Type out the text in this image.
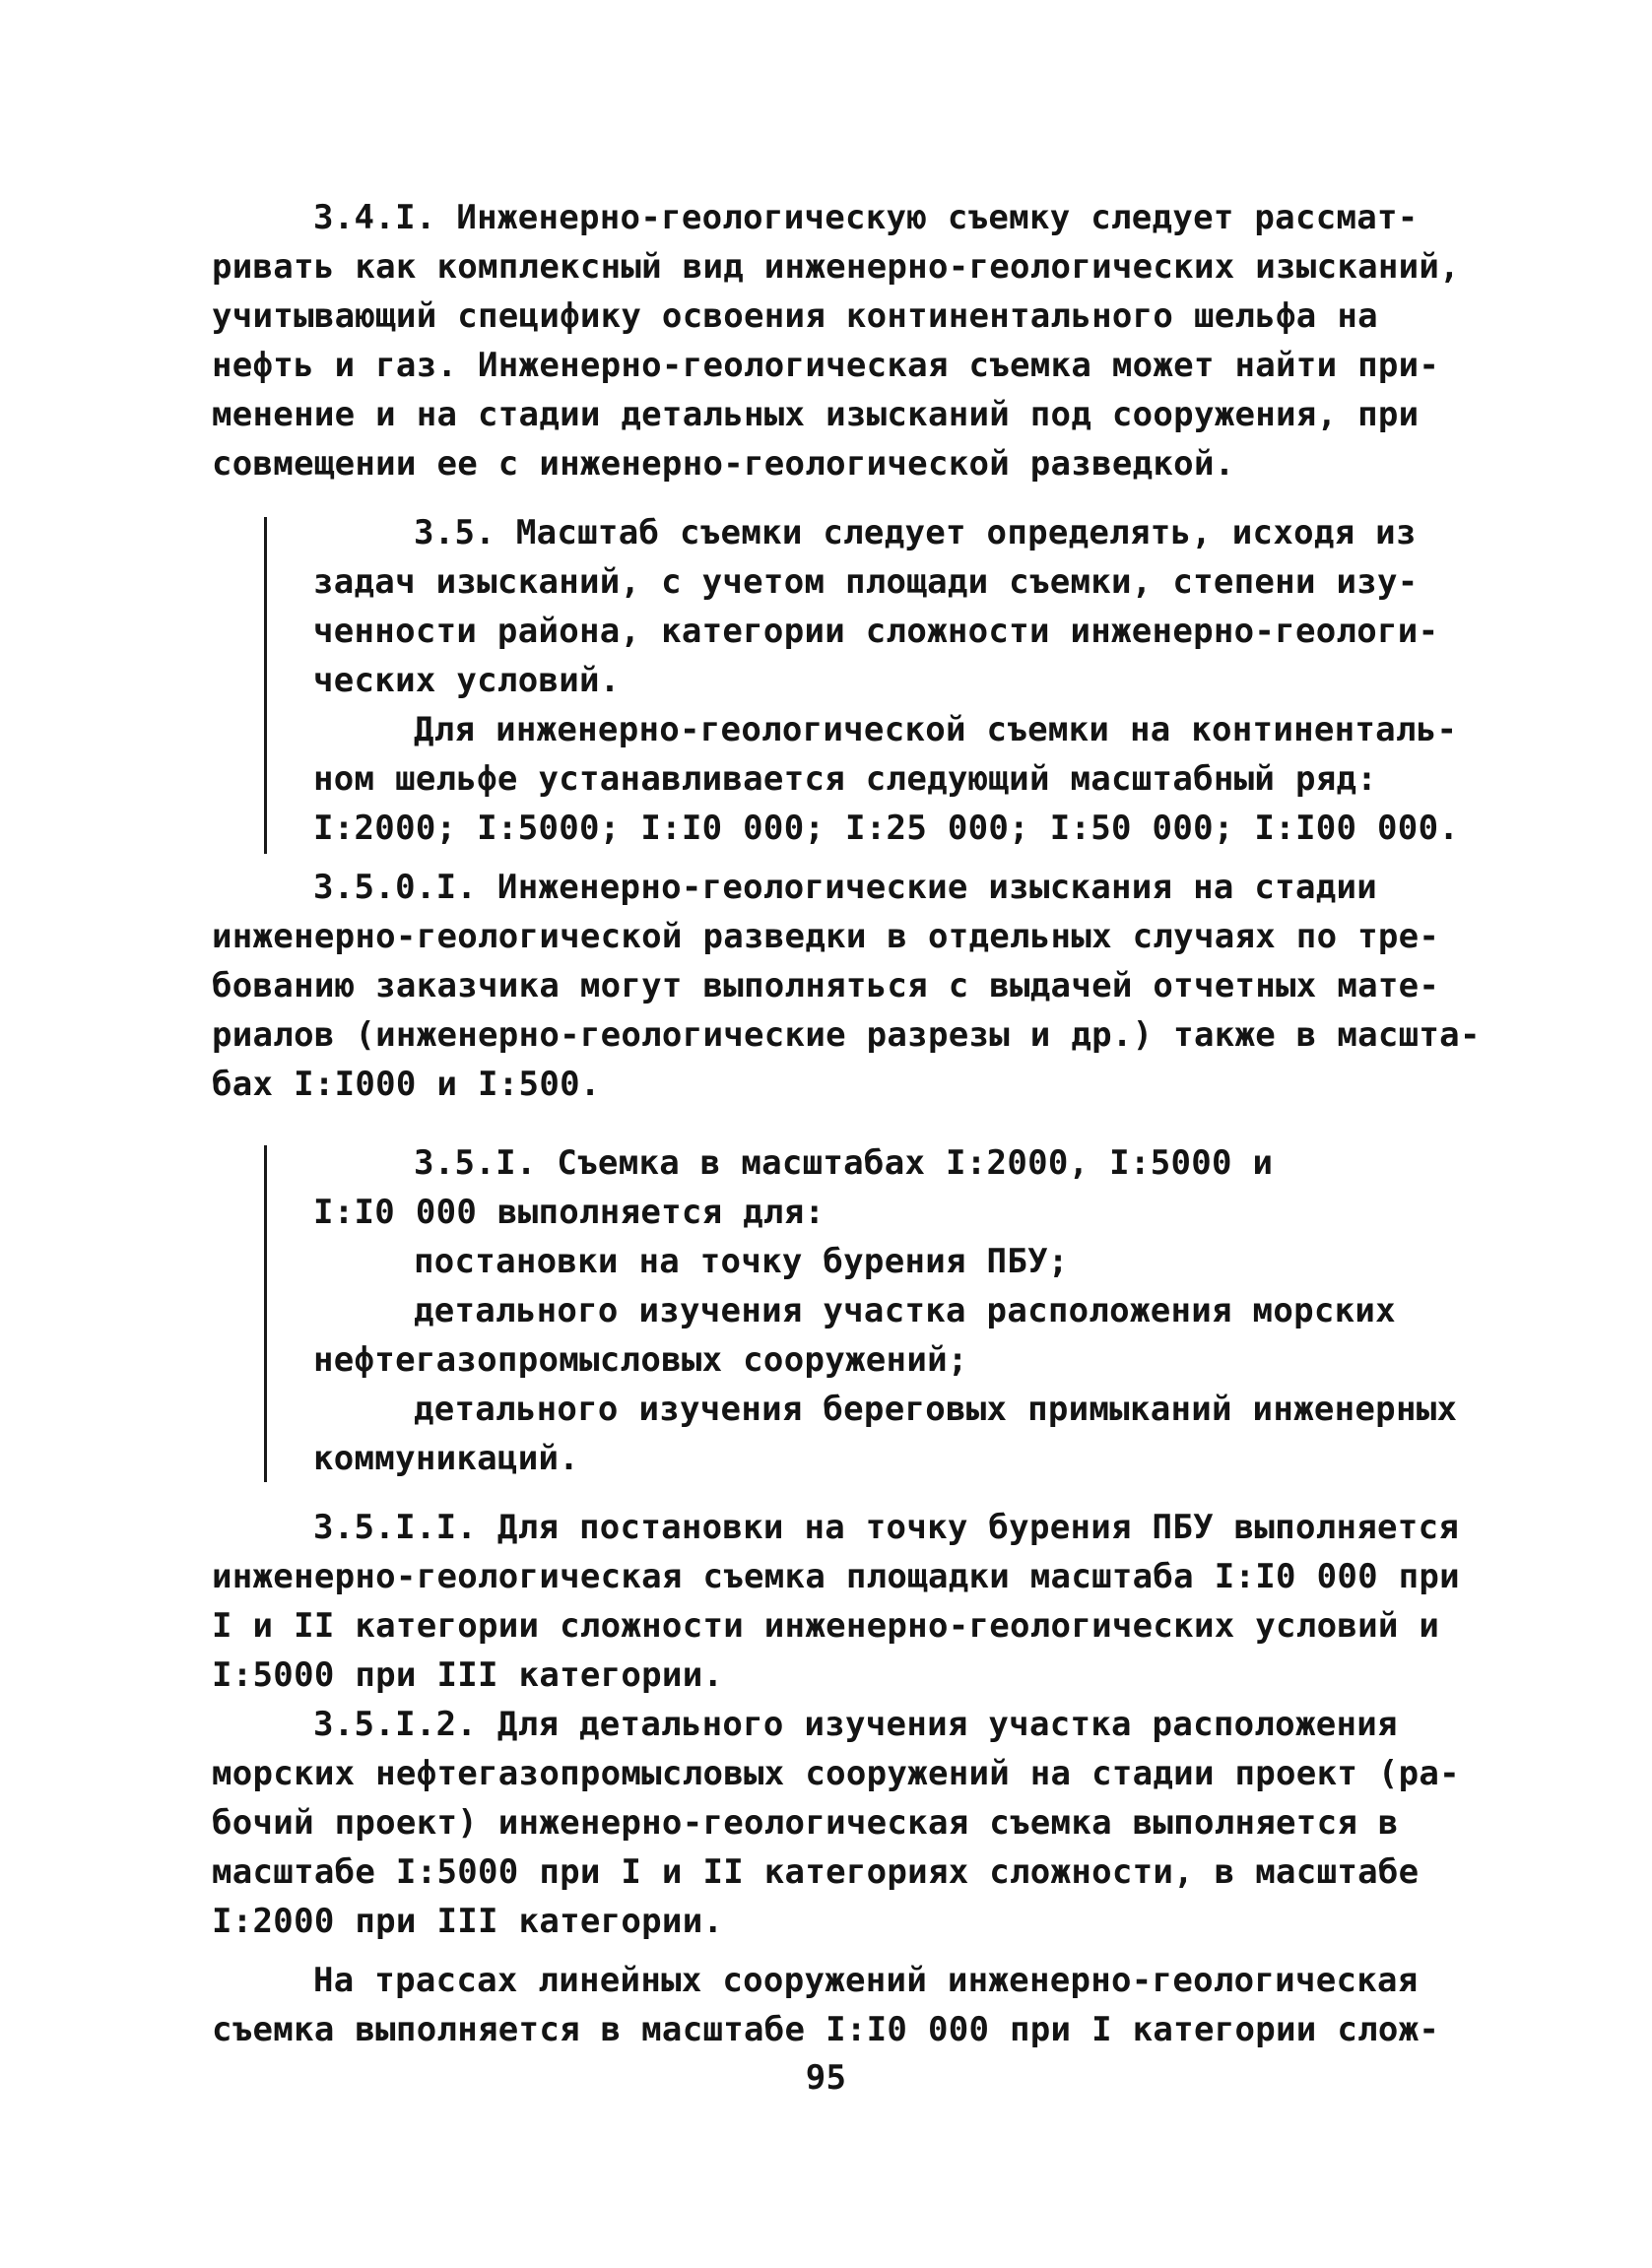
3.4.I. Инженерно-геологическую съемку следует рассмат-
ривать как комплексный вид инженерно-геологических изысканий,
учитывающий специфику освоения континентального шельфа на
нефть и газ. Инженерно-геологическая съемка может найти при-
менение и на стадии детальных изысканий под сооружения, при
совмещении ее с инженерно-геологической разведкой.
3.5. Масштаб съемки следует определять, исходя из
задач изысканий, с учетом площади съемки, степени изу-
ченности района, категории сложности инженерно-геологи-
ческих условий.
Для инженерно-геологической съемки на континенталь-
ном шельфе устанавливается следующий масштабный ряд:
I:2000; I:5000; I:I0 000; I:25 000; I:50 000; I:I00 000.
3.5.0.I. Инженерно-геологические изыскания на стадии
инженерно-геологической разведки в отдельных случаях по тре-
бованию заказчика могут выполняться с выдачей отчетных мате-
риалов (инженерно-геологические разрезы и др.) также в масшта-
бах I:I000 и I:500.
3.5.I. Съемка в масштабах I:2000, I:5000 и
I:I0 000 выполняется для:
постановки на точку бурения ПБУ;
детального изучения участка расположения морских
нефтегазопромысловых сооружений;
детального изучения береговых примыканий инженерных
коммуникаций.
3.5.I.I. Для постановки на точку бурения ПБУ выполняется
инженерно-геологическая съемка площадки масштаба I:I0 000 при
I и II категории сложности инженерно-геологических условий и
I:5000 при III категории.
3.5.I.2. Для детального изучения участка расположения
морских нефтегазопромысловых сооружений на стадии проект (ра-
бочий проект) инженерно-геологическая съемка выполняется в
масштабе I:5000 при I и II категориях сложности, в масштабе
I:2000 при III категории.
На трассах линейных сооружений инженерно-геологическая
съемка выполняется в масштабе I:I0 000 при I категории слож-
95
